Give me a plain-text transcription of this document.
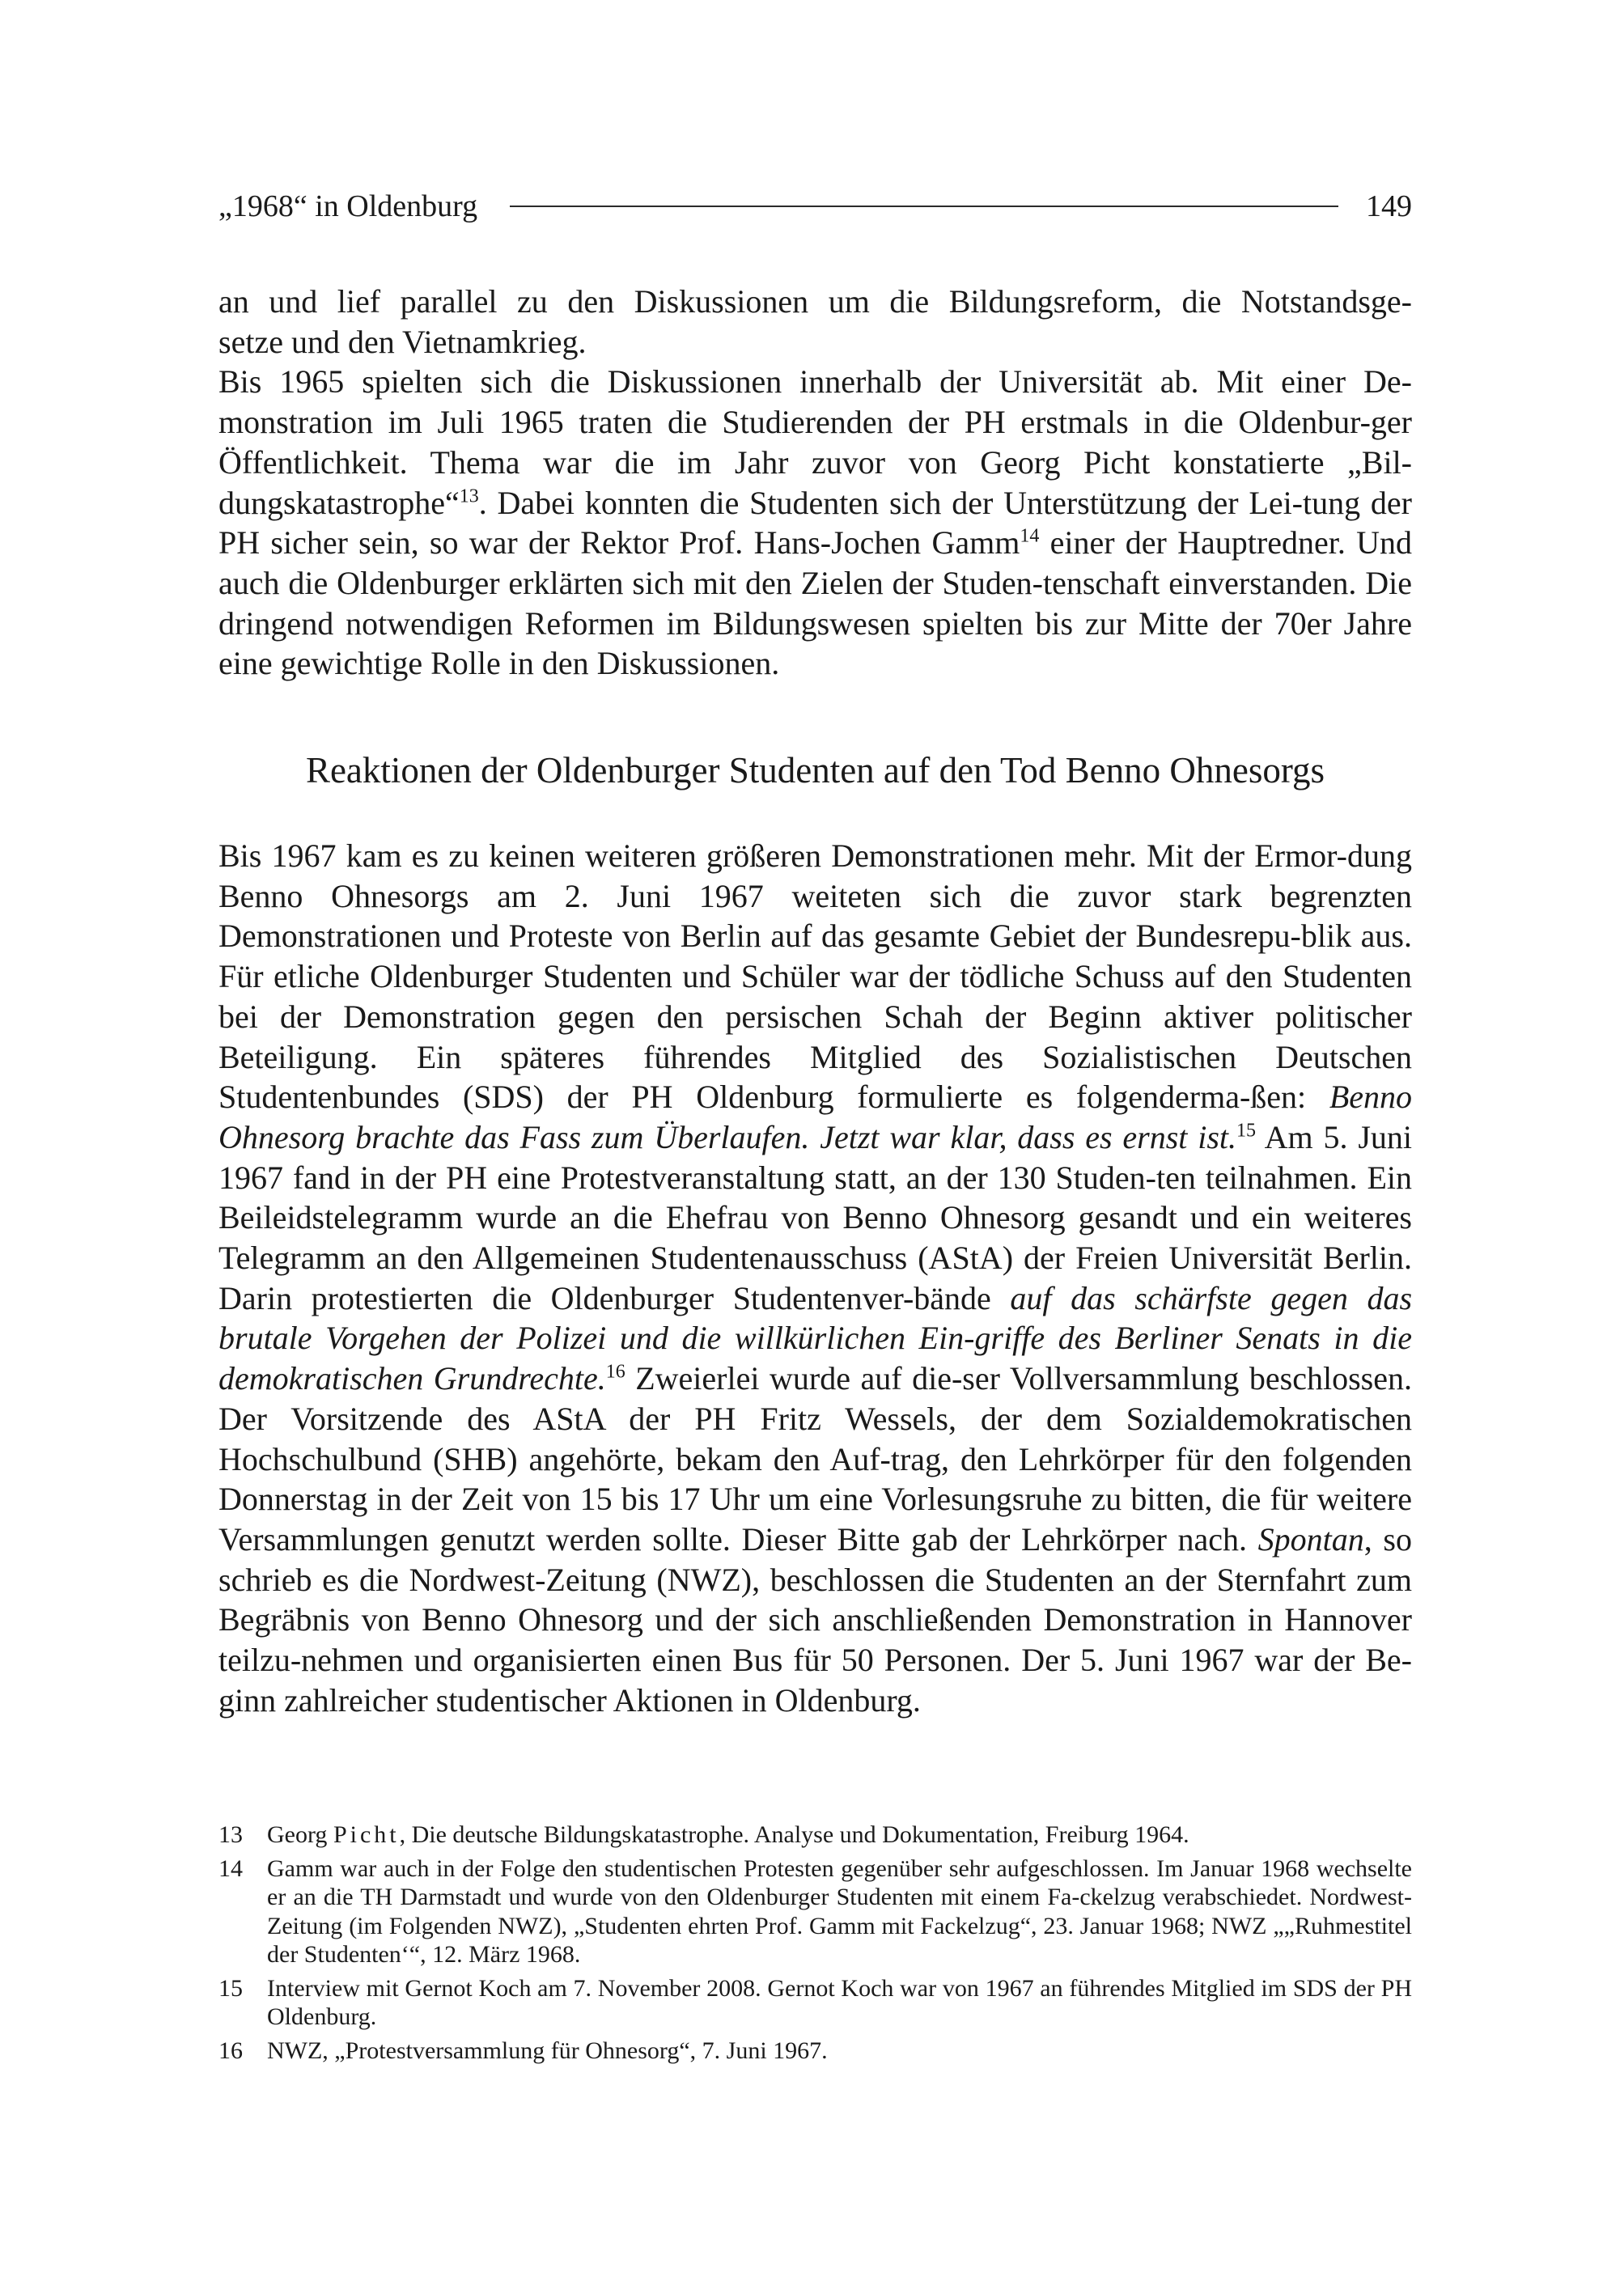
„1968“ in Oldenburg	149

an und lief parallel zu den Diskussionen um die Bildungsreform, die Notstandsge-

setze und den Vietnamkrieg.

Bis 1965 spielten sich die Diskussionen innerhalb der Universität ab. Mit einer De-monstration im Juli 1965 traten die Studierenden der PH erstmals in die Oldenbur-ger Öffentlichkeit. Thema war die im Jahr zuvor von Georg Picht konstatierte „Bil-dungskatastrophe“$^{13}$. Dabei konnten die Studenten sich der Unterstützung der Lei-tung der PH sicher sein, so war der Rektor Prof. Hans-Jochen Gamm$^{14}$ einer der Hauptredner. Und auch die Oldenburger erklärten sich mit den Zielen der Studen-tenschaft einverstanden. Die dringend notwendigen Reformen im Bildungswesen spielten bis zur Mitte der 70er Jahre eine gewichtige Rolle in den Diskussionen.

Reaktionen der Oldenburger Studenten auf den Tod Benno Ohnesorgs

Bis 1967 kam es zu keinen weiteren größeren Demonstrationen mehr. Mit der Ermor-dung Benno Ohnesorgs am 2. Juni 1967 weiteten sich die zuvor stark begrenzten Demonstrationen und Proteste von Berlin auf das gesamte Gebiet der Bundesrepu-blik aus. Für etliche Oldenburger Studenten und Schüler war der tödliche Schuss auf den Studenten bei der Demonstration gegen den persischen Schah der Beginn aktiver politischer Beteiligung. Ein späteres führendes Mitglied des Sozialistischen Deutschen Studentenbundes (SDS) der PH Oldenburg formulierte es folgenderma-ßen: Benno Ohnesorg brachte das Fass zum Überlaufen. Jetzt war klar, dass es ernst ist.$^{15}$ Am 5. Juni 1967 fand in der PH eine Protestveranstaltung statt, an der 130 Studen-ten teilnahmen. Ein Beileidstelegramm wurde an die Ehefrau von Benno Ohnesorg gesandt und ein weiteres Telegramm an den Allgemeinen Studentenausschuss (AStA) der Freien Universität Berlin. Darin protestierten die Oldenburger Studentenver-bände auf das schärfste gegen das brutale Vorgehen der Polizei und die willkürlichen Ein-griffe des Berliner Senats in die demokratischen Grundrechte.$^{16}$ Zweierlei wurde auf die-ser Vollversammlung beschlossen. Der Vorsitzende des AStA der PH Fritz Wessels, der dem Sozialdemokratischen Hochschulbund (SHB) angehörte, bekam den Auf-trag, den Lehrkörper für den folgenden Donnerstag in der Zeit von 15 bis 17 Uhr um eine Vorlesungsruhe zu bitten, die für weitere Versammlungen genutzt werden sollte. Dieser Bitte gab der Lehrkörper nach. Spontan, so schrieb es die Nordwest-Zeitung (NWZ), beschlossen die Studenten an der Sternfahrt zum Begräbnis von Benno Ohnesorg und der sich anschließenden Demonstration in Hannover teilzu-nehmen und organisierten einen Bus für 50 Personen. Der 5. Juni 1967 war der Be-ginn zahlreicher studentischer Aktionen in Oldenburg.

13	Georg Picht, Die deutsche Bildungskatastrophe. Analyse und Dokumentation, Freiburg 1964.
14	Gamm war auch in der Folge den studentischen Protesten gegenüber sehr aufgeschlossen. Im Januar 1968 wechselte er an die TH Darmstadt und wurde von den Oldenburger Studenten mit einem Fa-ckelzug verabschiedet. Nordwest-Zeitung (im Folgenden NWZ), „Studenten ehrten Prof. Gamm mit Fackelzug“, 23. Januar 1968; NWZ „„Ruhmestitel der Studenten‘“, 12. März 1968.
15	Interview mit Gernot Koch am 7. November 2008. Gernot Koch war von 1967 an führendes Mitglied im SDS der PH Oldenburg.
16	NWZ, „Protestversammlung für Ohnesorg“, 7. Juni 1967.
